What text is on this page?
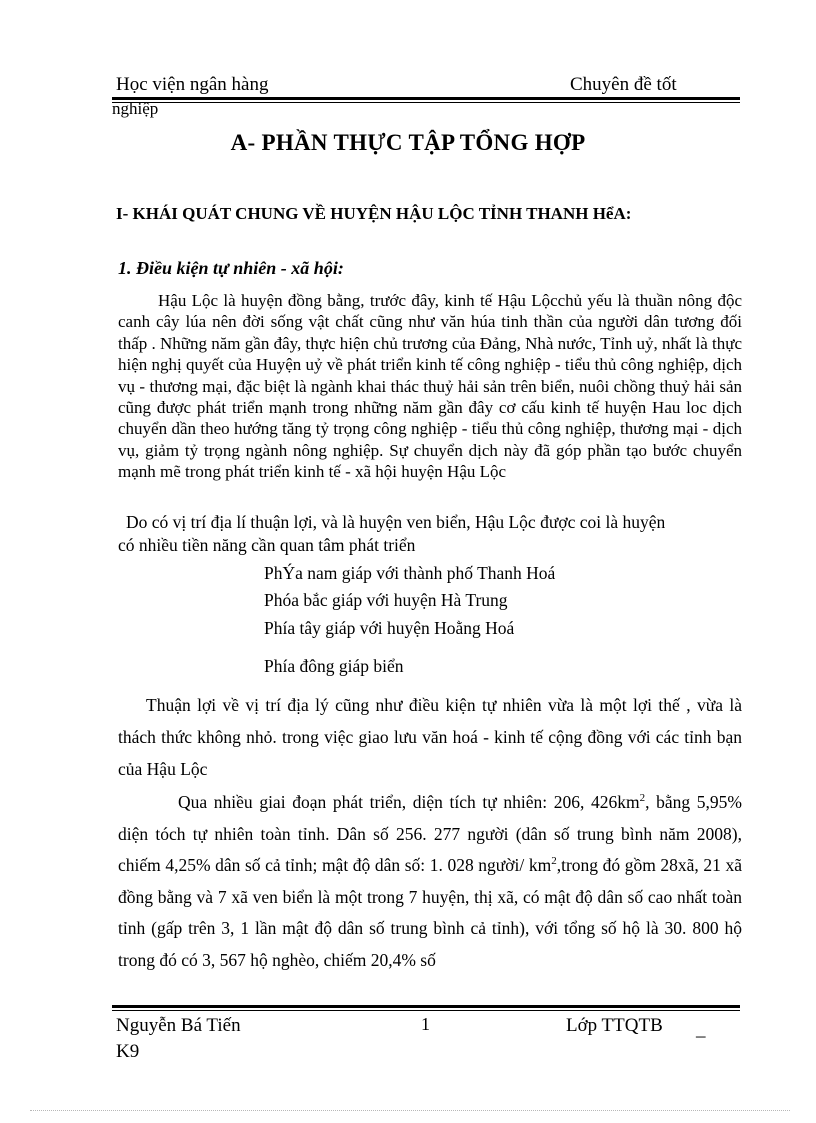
Học viện ngân hàng	Chuyên đề tốt
nghiệp
A- PHẦN THỰC TẬP TỔNG HỢP
I- KHÁI QUÁT CHUNG VỀ HUYỆN HẬU LỘC TỈNH THANH HểA:
1. Điều kiện tự nhiên - xã hội:
Hậu Lộc là huyện đồng bằng, trước đây, kinh tế Hậu Lộcchủ yếu là thuần nông độc canh cây lúa nên đời sống vật chất cũng như văn húa tinh thần của người dân tương đối thấp . Những năm gần đây, thực hiện chủ trương của Đảng, Nhà nước, Tỉnh uỷ, nhất là thực hiện nghị quyết của Huyện uỷ về phát triển kinh tế công nghiệp - tiểu thủ công nghiệp, dịch vụ - thương mại, đặc biệt là ngành khai thác thuỷ hải sản trên biển, nuôi chồng thuỷ hải sản cũng được phát triển mạnh trong những năm gần đây cơ cấu kinh tế huyện Hau loc dịch chuyển dần theo hướng tăng tỷ trọng công nghiệp - tiểu thủ công nghiệp, thương mại - dịch vụ, giảm tỷ trọng ngành nông nghiệp. Sự chuyển dịch này đã góp phần tạo bước chuyển mạnh mẽ trong phát triển kinh tế - xã hội huyện Hậu Lộc
Do có vị trí địa lí thuận lợi, và là huyện ven biển, Hậu Lộc được coi là huyện
có nhiều tiền năng cần quan tâm phát triển
PhÝa nam giáp với thành phố Thanh Hoá
Phóa bắc giáp với huyện Hà Trung
Phía tây giáp với huyện Hoằng Hoá
Phía đông giáp biển
Thuận lợi về vị trí địa lý cũng như điều kiện tự nhiên vừa là một lợi thế , vừa là thách thức không nhỏ. trong việc giao lưu văn hoá - kinh tế cộng đồng với các tỉnh bạn của Hậu Lộc
Qua nhiều giai đoạn phát triển, diện tích tự nhiên: 206, $426km^2$, bằng 5,95% diện tóch tự nhiên toàn tỉnh. Dân số 256. 277 người (dân số trung bình năm 2008), chiếm 4,25% dân số cả tỉnh; mật độ dân số: 1. 028 người/ $km^2,trong$ đó gồm 28xã, 21 xã đồng bằng và 7 xã ven biển là một trong 7 huyện, thị xã, có mật độ dân số cao nhất toàn tỉnh (gấp trên 3, 1 lần mật độ dân số trung bình cả tỉnh), với tổng số hộ là 30. 800 hộ trong đó có 3, 567 hộ nghèo, chiếm 20,4% số
Nguyễn Bá Tiến	1	Lớp TTQTB _
K9
